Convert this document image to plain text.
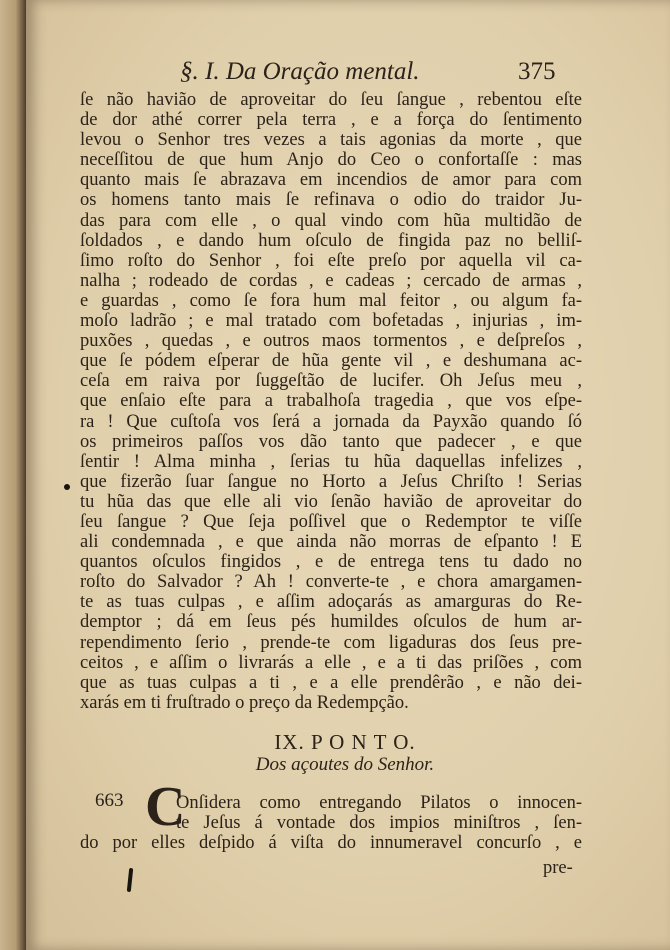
§. I. Da Oração mental.	375
ſe não havião de aproveitar do ſeu ſangue , rebentou eſte
de dor athé correr pela terra , e a força do ſentimento
levou o Senhor tres vezes a tais agonias da morte , que
neceſſitou de que hum Anjo do Ceo o confortaſſe : mas
quanto mais ſe abrazava em incendios de amor para com
os homens tanto mais ſe refinava o odio do traidor Ju-
das para com elle , o qual vindo com hũa multidão de
ſoldados , e dando hum oſculo de fingida paz no belliſ-
ſimo roſto do Senhor , foi eſte preſo por aquella vil ca-
nalha ; rodeado de cordas , e cadeas ; cercado de armas ,
e guardas , como ſe fora hum mal feitor , ou algum fa-
moſo ladrão ; e mal tratado com bofetadas , injurias , im-
puxões , quedas , e outros maos tormentos , e deſpreſos ,
que ſe pódem eſperar de hũa gente vil , e deshumana ac-
ceſa em raiva por ſuggeſtão de lucifer. Oh Jeſus meu ,
que enſaio eſte para a trabalhoſa tragedia , que vos eſpe-
ra ! Que cuſtoſa vos ſerá a jornada da Payxão quando ſó
os primeiros paſſos vos dão tanto que padecer , e que
ſentir ! Alma minha , ſerias tu hũa daquellas infelizes ,
que fizerão ſuar ſangue no Horto a Jeſus Chriſto ! Serias
tu hũa das que elle ali vio ſenão havião de aproveitar do
ſeu ſangue ? Que ſeja poſſivel que o Redemptor te viſſe
ali condemnada , e que ainda não morras de eſpanto ! E
quantos oſculos fingidos , e de entrega tens tu dado no
roſto do Salvador ? Ah ! converte-te , e chora amargamen-
te as tuas culpas , e aſſim adoçarás as amarguras do Re-
demptor ; dá em ſeus pés humildes oſculos de hum ar-
rependimento ſerio , prende-te com ligaduras dos ſeus pre-
ceitos , e aſſim o livrarás a elle , e a ti das priſões , com
que as tuas culpas a ti , e a elle prendêrão , e não dei-
xarás em ti fruſtrado o preço da Redempção.
IX. P O N T O.
Dos açoutes do Senhor.
663 C
Onſidera como entregando Pilatos o innocen-
te Jeſus á vontade dos impios miniſtros , ſen-
do por elles deſpido á viſta do innumeravel concurſo , e
pre-
